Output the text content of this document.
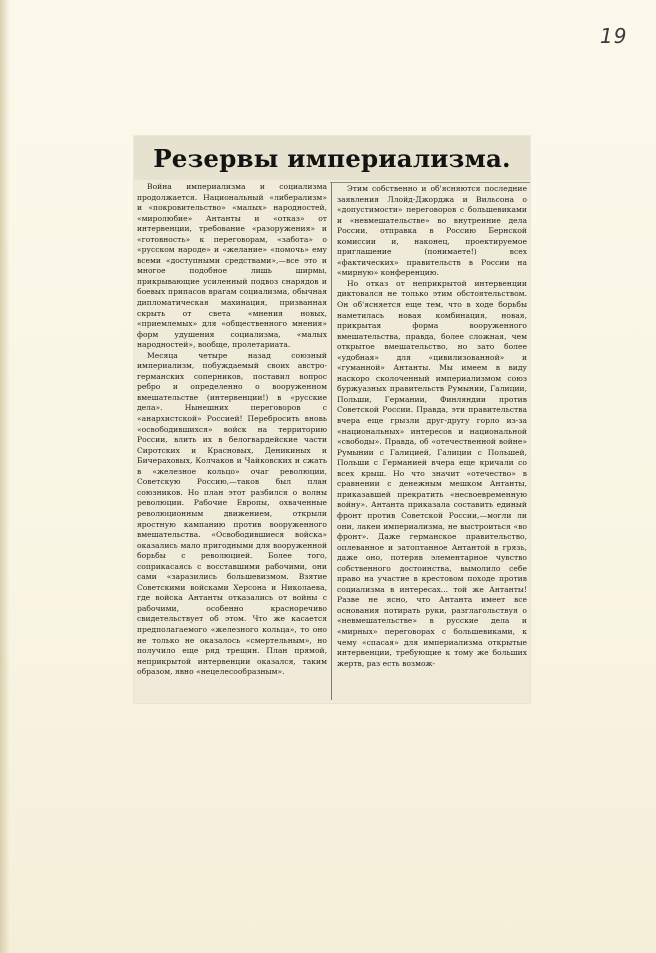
19
Резервы империализма.

Война империализма и социализма продолжается. Национальный «либерализм» и «покровительство» «малых» народностей, «миролюбие» Антанты и «отказ» от интервенции, требование «разоружения» и «готовность» к переговорам, «забота» о «русском народе» и «желание» «помочь» ему всеми «доступными средствами»,—все это и многое подобное лишь ширмы, прикрывающие усиленный подвоз снарядов и боевых припасов врагам социализма, обычная дипломатическая махинация, призванная скрыть от света «мнения новых, «приемлемых» для «общественного мнения» форм удушения социализма, «малых народностей», вообще, пролетариата.

Месяца четыре назад союзный империализм, побуждаемый своих австро-германских соперников, поставил вопрос ребро и определенно о вооруженном вмешательстве (интервенции!) в «русские дела». Нынешних переговоров с «анархистской» Россией! Перебросить вновь «освободившихся» войск на территорию России, влить их в белогвардейские части Сиротских и Красновых, Деникиных и Бичераховых, Колчаков и Чайковских и сжать в «железное кольцо» очаг революции, Советскую Россию,—таков был план союзников. Но план этот разбился о волны революции. Рабочие Европы, охваченные революционным движением, открыли яростную кампанию против вооруженного вмешательства. «Освободившиеся войска» оказались мало пригодными для вооруженной борьбы с революцией. Более того, соприкасаясь с восставшими рабочими, они сами «заразились большевизмом. Взятие Советскими войсками Херсона и Николаева, где войска Антанты отказались от войны с рабочими, особенно красноречиво свидетельствует об этом. Что же касается предполагаемого «железного кольца», то оно не только не оказалось «смертельным», но получило еще ряд трещин. План прямой, неприкрытой интервенции оказался, таким образом, явно «нецелесообразным».

Этим собственно и об'ясняются последние заявления Ллойд-Джорджа и Вильсона о «допустимости» переговоров с большевиками и «невмешательстве» во внутренние дела России, отправка в Россию Бернской комиссии и, наконец, проектируемое приглашение (понимаете!) всех «фактических» правительств в России на «мирную» конференцию.

Но отказ от неприкрытой интервенции диктовался не только этим обстоятельством. Он об'ясняется еще тем, что в ходе борьбы наметилась новая комбинация, новая, прикрытая форма вооруженного вмешательства, правда, более сложная, чем открытое вмешательство, но зато более «удобная» для «цивилизованной» и «гуманной» Антанты. Мы имеем в виду наскоро сколоченный империализмом союз буржуазных правительств Румынии, Галиции, Польши, Германии, Финляндии против Советской России. Правда, эти правительства вчера еще грызли друг-другу горло из-за «национальных» интересов и национальной «свободы». Правда, об «отечественной войне» Румынии с Галицией, Галиции с Польшей, Польши с Германией вчера еще кричали со всех крыш. Но что значит «отечество» в сравнении с денежным мешком Антанты, приказавшей прекратить «несвоевременную войну». Антанта приказала составить единый фронт против Советской России,—могли ли они, лакеи империализма, не выстроиться «во фронт». Даже германское правительство, оплеванное и затоптанное Антантой в грязь, даже оно, потеряв элементарное чувство собственного достоинства, вымолило себе право на участие в крестовом походе против социализма в интересах... той же Антанты! Разве не ясно, что Антанта имеет все основания потирать руки, разглагольствуя о «невмешательстве» в русские дела и «мирных» переговорах с большевиками, к чему «спасая» для империализма открытые интервенции, требующие к тому же больших жертв, раз есть возмож-
